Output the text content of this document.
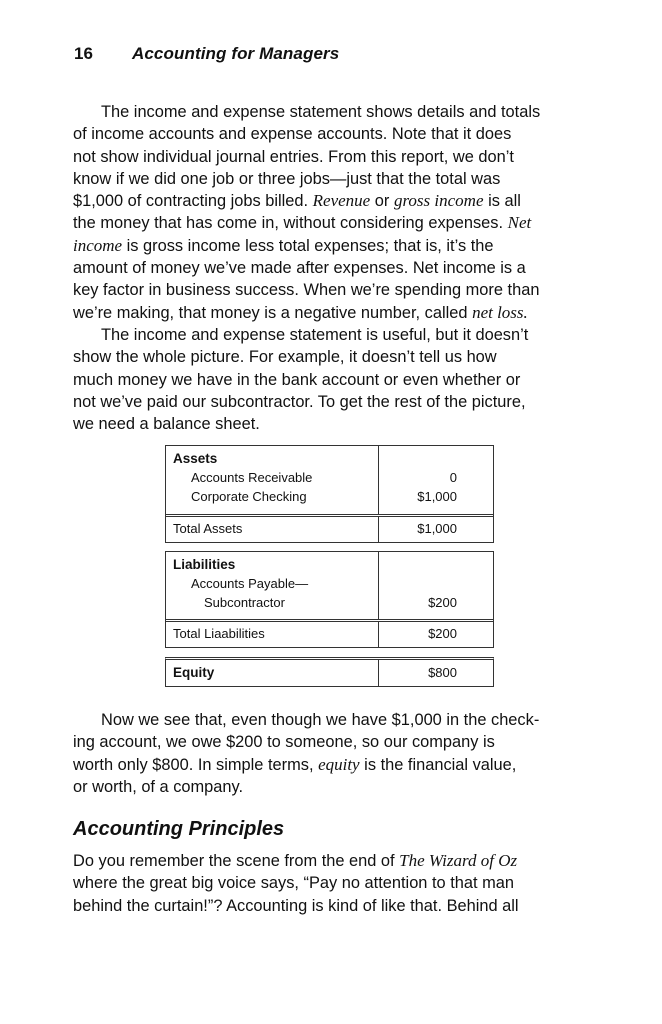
16 Accounting for Managers
The income and expense statement shows details and totals
of income accounts and expense accounts. Note that it does
not show individual journal entries. From this report, we don’t
know if we did one job or three jobs—just that the total was
$1,000 of contracting jobs billed. Revenue or gross income is all
the money that has come in, without considering expenses. Net
income is gross income less total expenses; that is, it’s the
amount of money we’ve made after expenses. Net income is a
key factor in business success. When we’re spending more than
we’re making, that money is a negative number, called net loss.
The income and expense statement is useful, but it doesn’t
show the whole picture. For example, it doesn’t tell us how
much money we have in the bank account or even whether or
not we’ve paid our subcontractor. To get the rest of the picture,
we need a balance sheet.
Assets
Accounts Receivable	0
Corporate Checking	$1,000
Total Assets	$1,000
Liabilities
Accounts Payable—
Subcontractor	$200
Total Liaabilities	$200
Equity	$800
Now we see that, even though we have $1,000 in the check-
ing account, we owe $200 to someone, so our company is
worth only $800. In simple terms, equity is the financial value,
or worth, of a company.
Accounting Principles
Do you remember the scene from the end of The Wizard of Oz
where the great big voice says, “Pay no attention to that man
behind the curtain!”? Accounting is kind of like that. Behind all
